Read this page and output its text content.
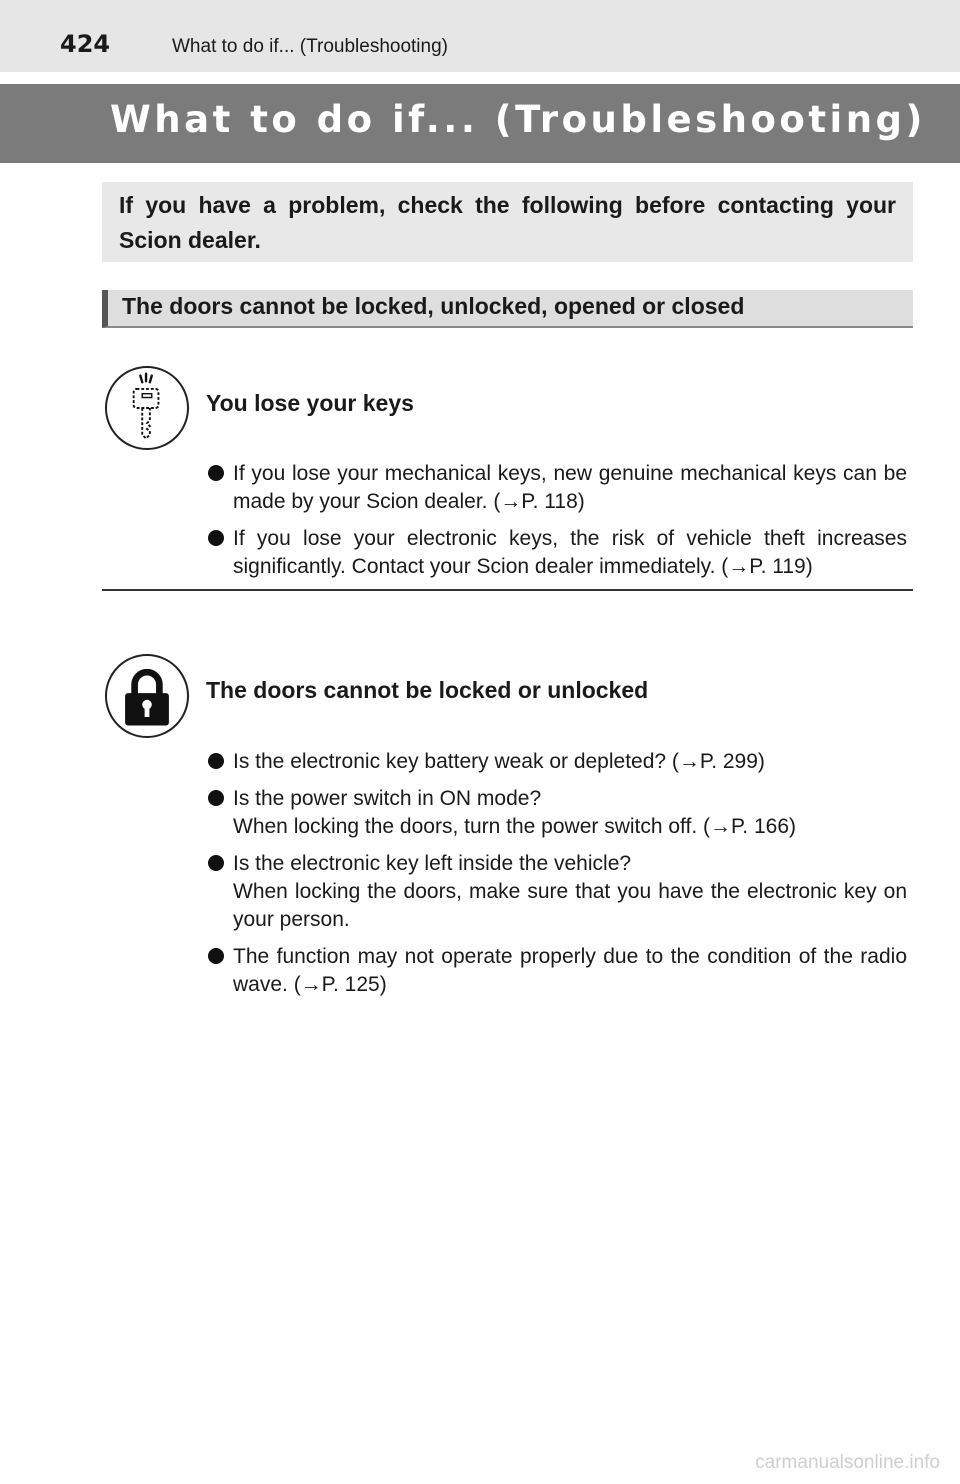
424	What to do if... (Troubleshooting)
What to do if... (Troubleshooting)

If you have a problem, check the following before contacting your Scion dealer.

The doors cannot be locked, unlocked, opened or closed
You lose your keys
If you lose your mechanical keys, new genuine mechanical keys can be made by your Scion dealer. (→P. 118)
If you lose your electronic keys, the risk of vehicle theft increases significantly. Contact your Scion dealer immediately. (→P. 119)
The doors cannot be locked or unlocked
Is the electronic key battery weak or depleted? (→P. 299)
Is the power switch in ON mode?
When locking the doors, turn the power switch off. (→P. 166)
Is the electronic key left inside the vehicle?
When locking the doors, make sure that you have the electronic key on your person.
The function may not operate properly due to the condition of the radio wave. (→P. 125)
carmanualsonline.info
